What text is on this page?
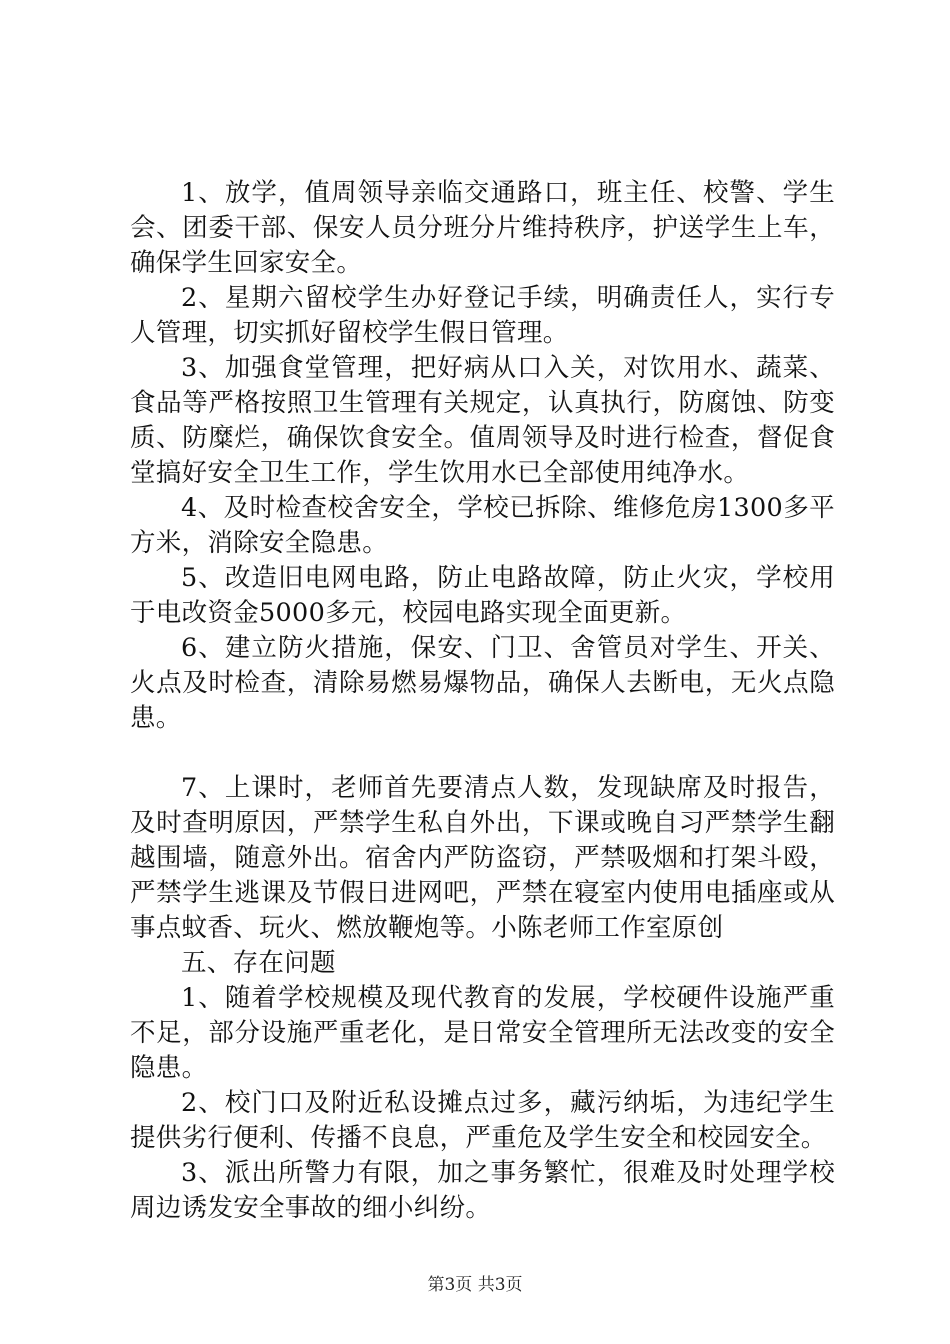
1、放学，值周领导亲临交通路口，班主任、校警、学生会、团委干部、保安人员分班分片维持秩序，护送学生上车，确保学生回家安全。

2、星期六留校学生办好登记手续，明确责任人，实行专人管理，切实抓好留校学生假日管理。

3、加强食堂管理，把好病从口入关，对饮用水、蔬菜、食品等严格按照卫生管理有关规定，认真执行，防腐蚀、防变质、防糜烂，确保饮食安全。值周领导及时进行检查，督促食堂搞好安全卫生工作，学生饮用水已全部使用纯净水。

4、及时检查校舍安全，学校已拆除、维修危房1300多平方米，消除安全隐患。

5、改造旧电网电路，防止电路故障，防止火灾，学校用于电改资金5000多元，校园电路实现全面更新。

6、建立防火措施，保安、门卫、舍管员对学生、开关、火点及时检查，清除易燃易爆物品，确保人去断电，无火点隐患。

7、上课时，老师首先要清点人数，发现缺席及时报告，及时查明原因，严禁学生私自外出，下课或晚自习严禁学生翻越围墙，随意外出。宿舍内严防盗窃，严禁吸烟和打架斗殴，严禁学生逃课及节假日进网吧，严禁在寝室内使用电插座或从事点蚊香、玩火、燃放鞭炮等。小陈老师工作室原创

五、存在问题

1、随着学校规模及现代教育的发展，学校硬件设施严重不足，部分设施严重老化，是日常安全管理所无法改变的安全隐患。

2、校门口及附近私设摊点过多，藏污纳垢，为违纪学生提供劣行便利、传播不良息，严重危及学生安全和校园安全。

3、派出所警力有限，加之事务繁忙，很难及时处理学校周边诱发安全事故的细小纠纷。

第3页 共3页
